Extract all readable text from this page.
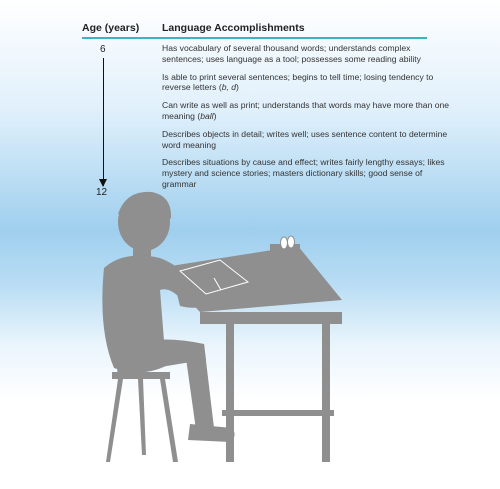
Age (years) Language Accomplishments
6
12

Has vocabulary of several thousand words; understands complex sentences; uses language as a tool; possesses some reading ability

Is able to print several sentences; begins to tell time; losing tendency to reverse letters (b, d)

Can write as well as print; understands that words may have more than one meaning (ball)

Describes objects in detail; writes well; uses sentence content to determine word meaning

Describes situations by cause and effect; writes fairly lengthy essays; likes mystery and science stories; masters dictionary skills; good sense of grammar
